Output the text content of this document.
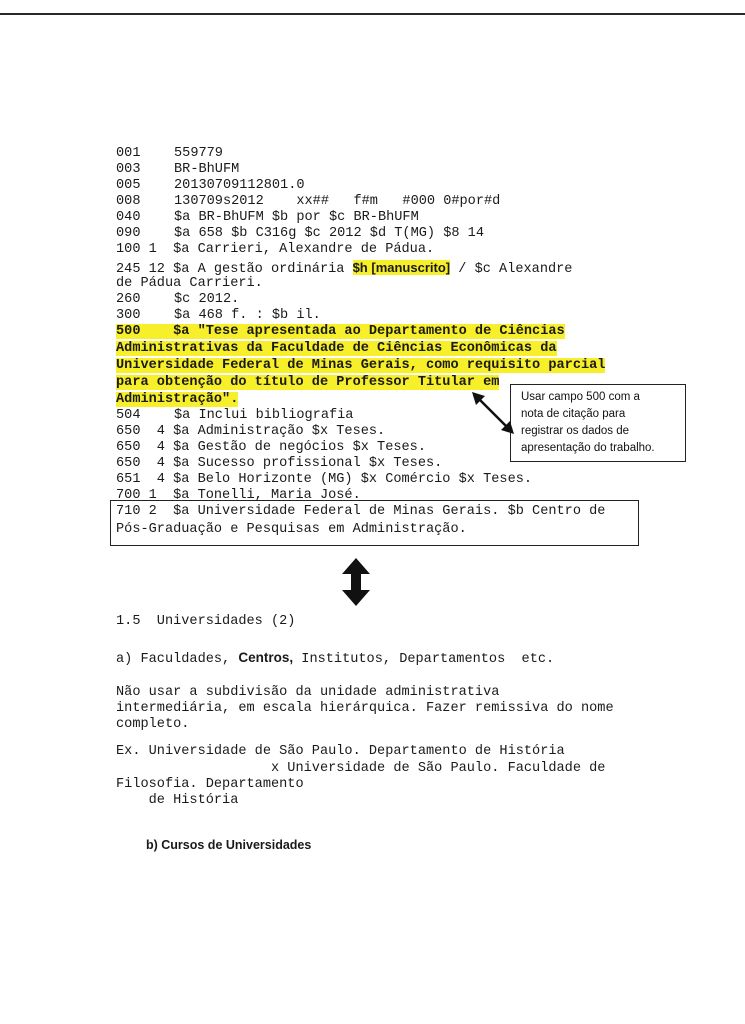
001 559779
003 BR-BhUFM
005 20130709112801.0
008 130709s2012    xx##   f#m   #000 0#por#d
040 $a BR-BhUFM $b por $c BR-BhUFM
090 $a 658 $b C316g $c 2012 $d T(MG) $8 14
100 1  $a Carrieri, Alexandre de Pádua.
245 12 $a A gestão ordinária $h [manuscrito] / $c Alexandre
de Pádua Carrieri.
260 $c 2012.
300 $a 468 f. : $b il.
500    $a "Tese apresentada ao Departamento de Ciências
Administrativas da Faculdade de Ciências Econômicas da
Universidade Federal de Minas Gerais, como requisito parcial
para obtenção do título de Professor Titular em
Administração".
504 $a Inclui bibliografia
650  4 $a Administração $x Teses.
650  4 $a Gestão de negócios $x Teses.
650  4 $a Sucesso profissional $x Teses.
651  4 $a Belo Horizonte (MG) $x Comércio $x Teses.
700 1  $a Tonelli, Maria José.
710 2  $a Universidade Federal de Minas Gerais. $b Centro de
Pós-Graduação e Pesquisas em Administração.
Usar campo 500 com a
nota de citação para
registrar os dados de
apresentação do trabalho.
1.5  Universidades (2)
a) Faculdades, Centros, Institutos, Departamentos  etc.
Não usar a subdivisão da unidade administrativa
intermediária, em escala hierárquica. Fazer remissiva do nome
completo.
Ex. Universidade de São Paulo. Departamento de História
x Universidade de São Paulo. Faculdade de
Filosofia. Departamento
de História
b) Cursos de Universidades
